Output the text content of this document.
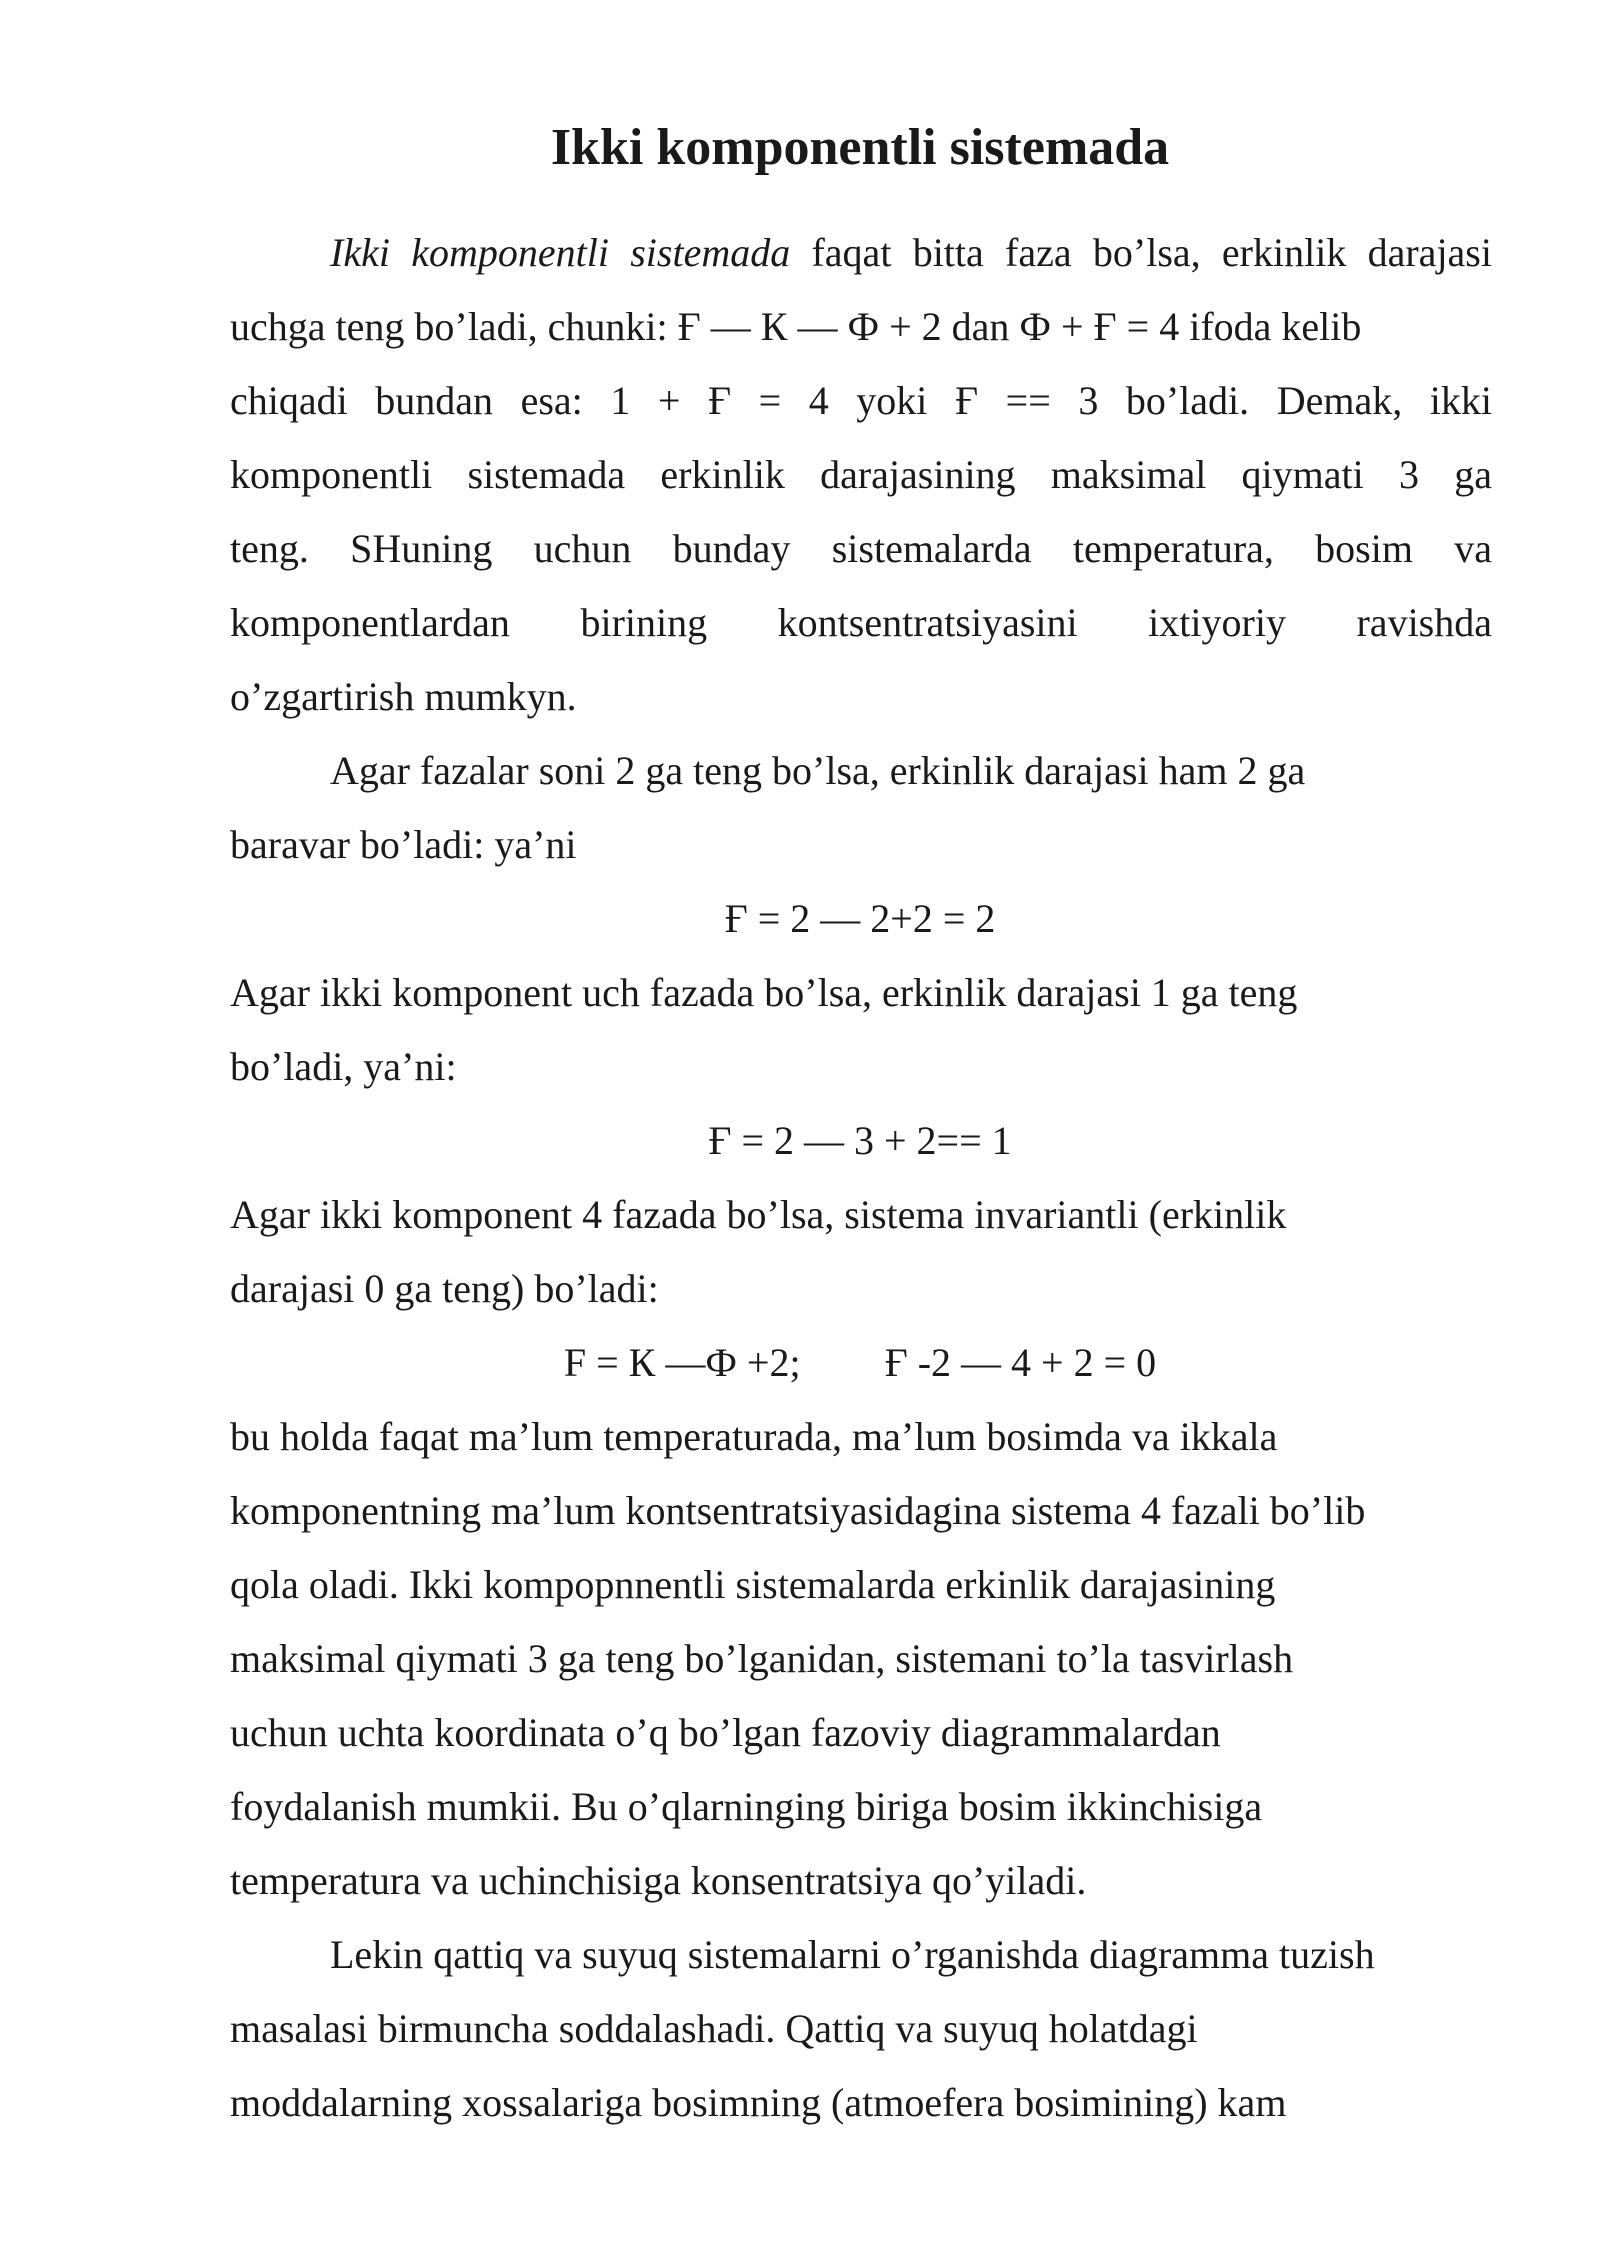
Ikki komponentli sistemada

Ikki komponentli sistemada faqat bitta faza bo’lsa, erkinlik darajasi

uchga teng bo’ladi, chunki: Ғ — К — Ф + 2 dan Ф + Ғ = 4 ifoda kelib

chiqadi bundan esa: 1 + Ғ = 4 yoki Ғ == 3 bo’ladi. Demak, ikki

komponentli sistemada erkinlik darajasining maksimal qiymati 3 ga

teng. SHuning uchun bunday sistemalarda temperatura, bosim va

komponentlardan birining kontsentratsiyasini ixtiyoriy ravishda

o’zgartirish mumkyn.

Agar fazalar soni 2 ga teng bo’lsa, erkinlik darajasi ham 2 ga

baravar bo’ladi: ya’ni

Ғ = 2 — 2+2 = 2

Agar ikki komponent uch fazada bo’lsa, erkinlik darajasi 1 ga teng

bo’ladi, ya’ni:

Ғ = 2 — 3 + 2== 1

Agar ikki komponent 4 fazada bo’lsa, sistema invariantli (erkinlik

darajasi 0 ga teng) bo’ladi:

F = К —Ф +2; Ғ -2 — 4 + 2 = 0

bu holda faqat ma’lum temperaturada, ma’lum bosimda va ikkala

komponentning ma’lum kontsentratsiyasidagina sistema 4 fazali bo’lib

qola oladi. Ikki kompopnnentli sistemalarda erkinlik darajasining

maksimal qiymati 3 ga teng bo’lganidan, sistemani to’la tasvirlash

uchun uchta koordinata o’q bo’lgan fazoviy diagrammalardan

foydalanish mumkii. Bu o’qlarninging biriga bosim ikkinchisiga

temperatura va uchinchisiga konsentratsiya qo’yiladi.

Lekin qattiq va suyuq sistemalarni o’rganishda diagramma tuzish

masalasi birmuncha soddalashadi. Qattiq va suyuq holatdagi

moddalarning xossalariga bosimning (atmoefera bosimining) kam
